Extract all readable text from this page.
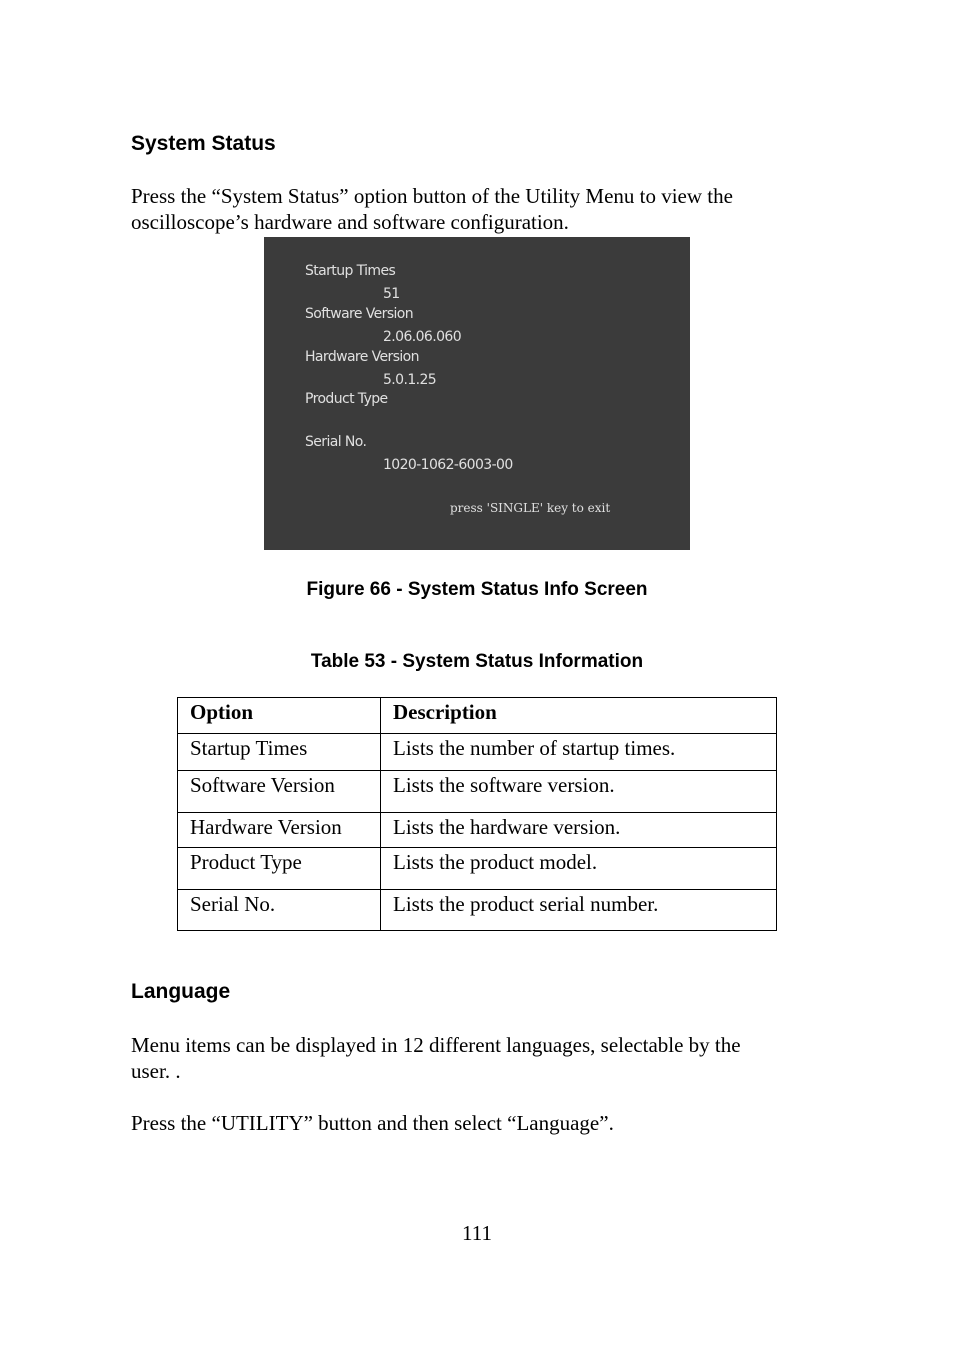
System Status
Press the “System Status” option button of the Utility Menu to view the
oscilloscope’s hardware and software configuration.
Startup Times
51
Software Version
2.06.06.060
Hardware Version
5.0.1.25
Product Type
Serial No.
1020-1062-6003-00
press 'SINGLE' key to exit
Figure 66 - System Status Info Screen
Table 53 - System Status Information
Option	Description
Startup Times	Lists the number of startup times.
Software Version	Lists the software version.
Hardware Version	Lists the hardware version.
Product Type	Lists the product model.
Serial No.	Lists the product serial number.
Language
Menu items can be displayed in 12 different languages, selectable by the
user. .
Press the “UTILITY” button and then select “Language”.
111
